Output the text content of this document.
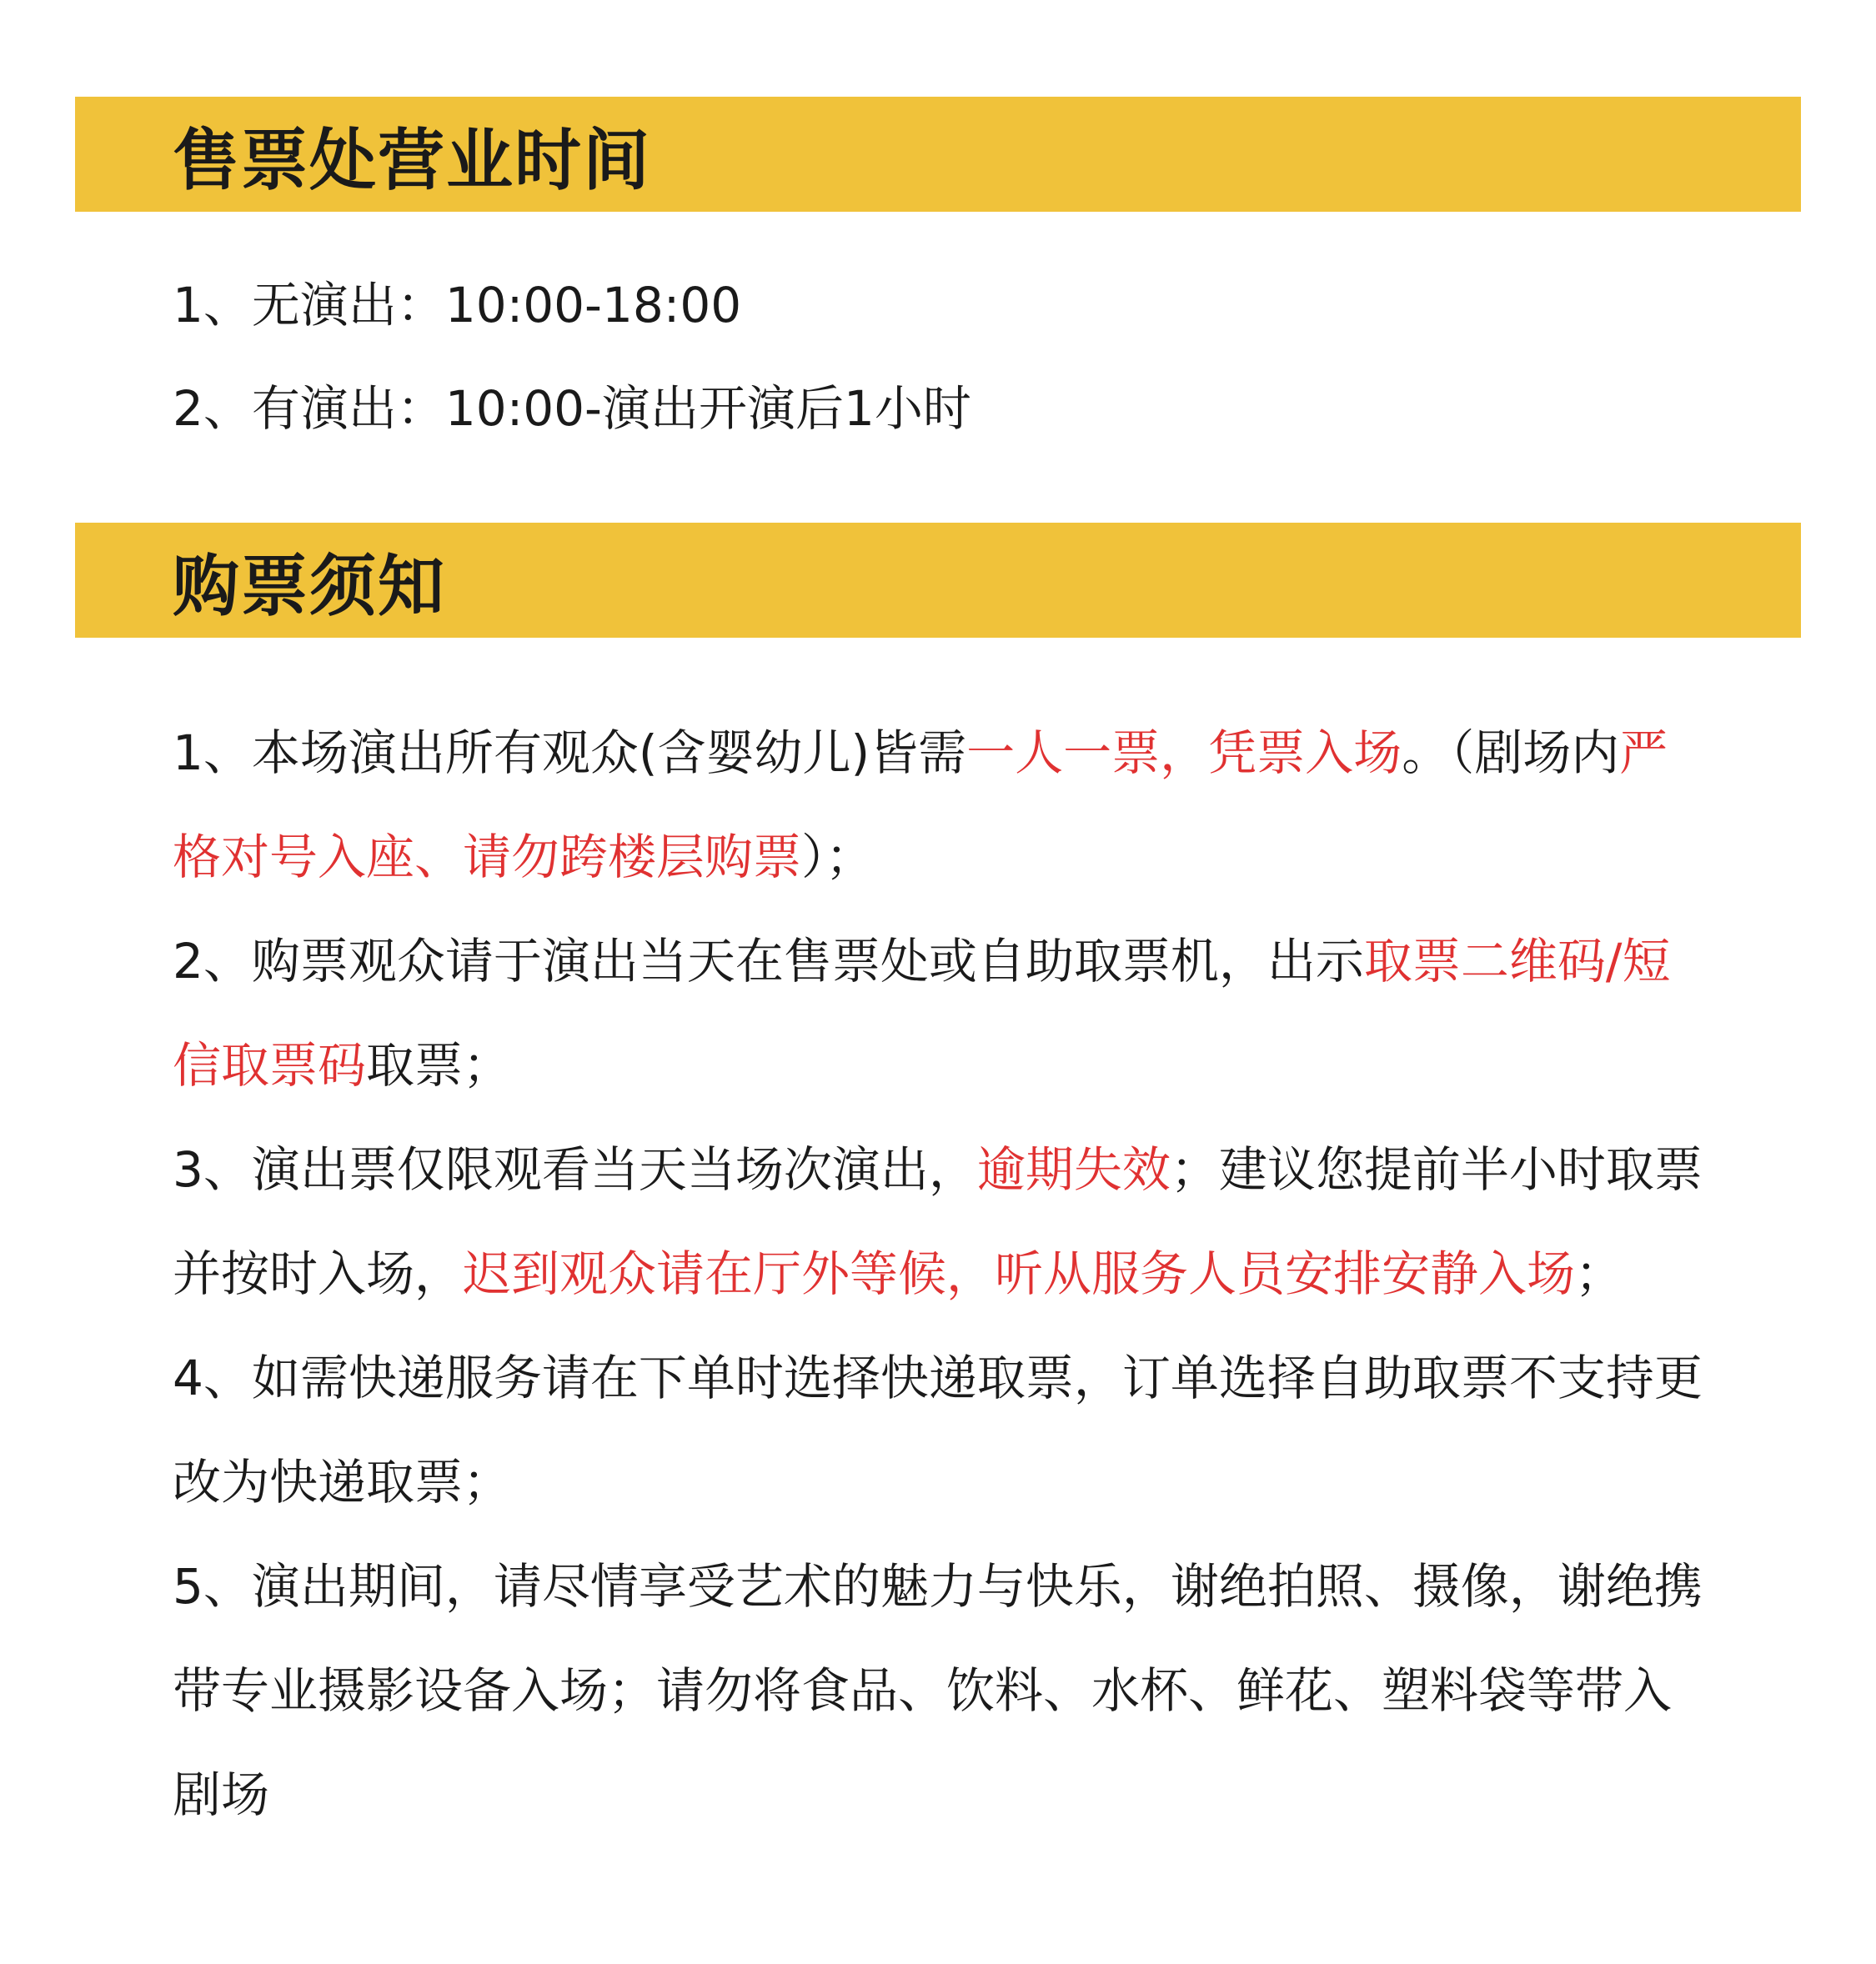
售票处营业时间
1、无演出：10:00-18:00
2、有演出：10:00-演出开演后1小时
购票须知

1、本场演出所有观众(含婴幼儿)皆需一人一票，凭票入场。（剧场内严格对号入座、请勿跨楼层购票）；

2、购票观众请于演出当天在售票处或自助取票机，出示取票二维码/短信取票码取票；

3、演出票仅限观看当天当场次演出，逾期失效；建议您提前半小时取票并按时入场，迟到观众请在厅外等候，听从服务人员安排安静入场；

4、如需快递服务请在下单时选择快递取票，订单选择自助取票不支持更改为快递取票；

5、演出期间，请尽情享受艺术的魅力与快乐，谢绝拍照、摄像，谢绝携带专业摄影设备入场；请勿将食品、饮料、水杯、鲜花、塑料袋等带入剧场
